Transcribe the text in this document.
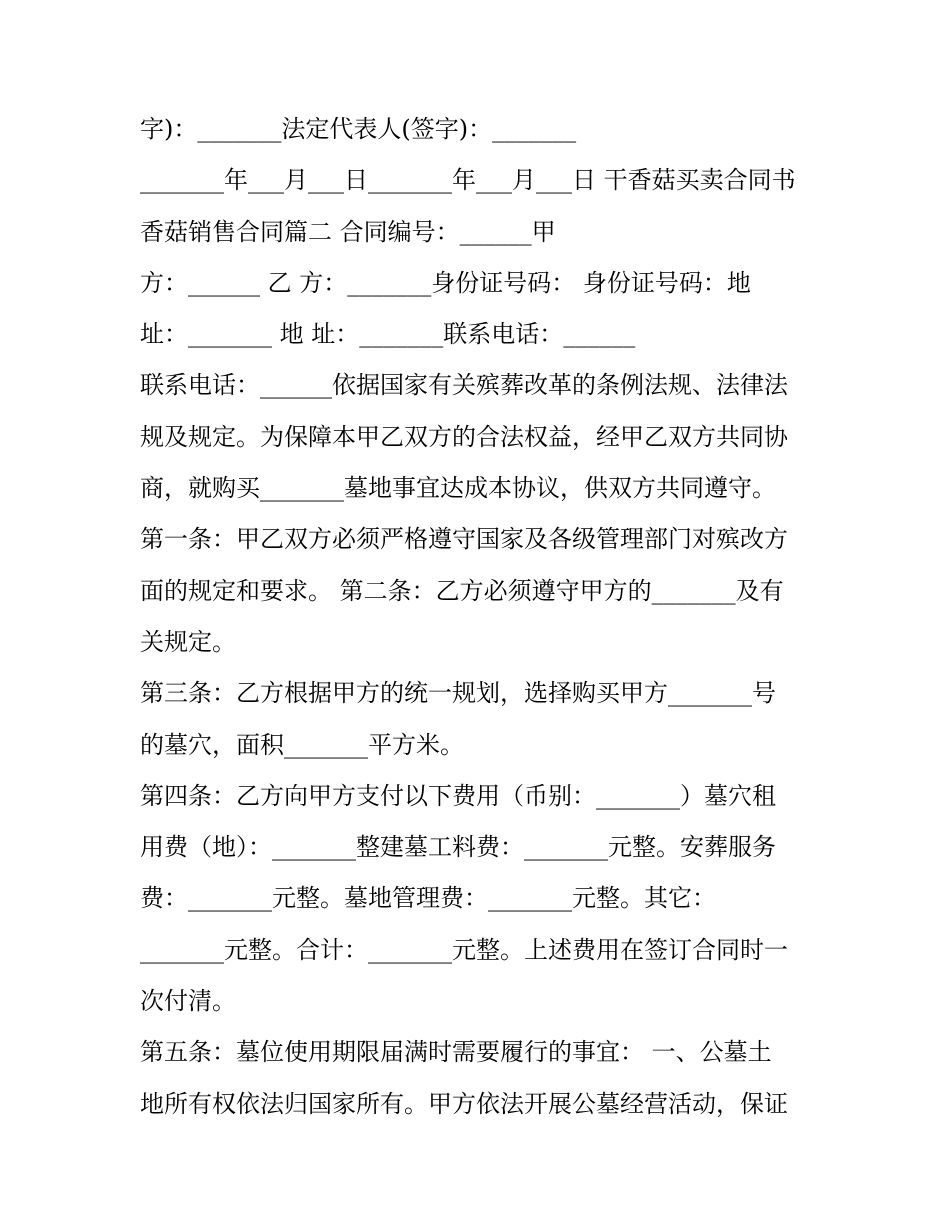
字)：_______法定代表人(签字)：_______
_______年___月___日_______年___月___日 干香菇买卖合同书
香菇销售合同篇二 合同编号：______甲
方：______ 乙 方：_______身份证号码： 身份证号码：地
址：_______ 地 址：_______联系电话：______
联系电话：______依据国家有关殡葬改革的条例法规、法律法
规及规定。为保障本甲乙双方的合法权益，经甲乙双方共同协
商，就购买_______墓地事宜达成本协议，供双方共同遵守。
第一条：甲乙双方必须严格遵守国家及各级管理部门对殡改方
面的规定和要求。 第二条：乙方必须遵守甲方的_______及有
关规定。
第三条：乙方根据甲方的统一规划，选择购买甲方_______号
的墓穴，面积_______平方米。
第四条：乙方向甲方支付以下费用（币别：_______）墓穴租
用费（地）：_______整建墓工料费：_______元整。安葬服务
费：_______元整。墓地管理费：_______元整。其它：
_______元整。合计：_______元整。上述费用在签订合同时一
次付清。
第五条：墓位使用期限届满时需要履行的事宜： 一、公墓土
地所有权依法归国家所有。甲方依法开展公墓经营活动，保证
